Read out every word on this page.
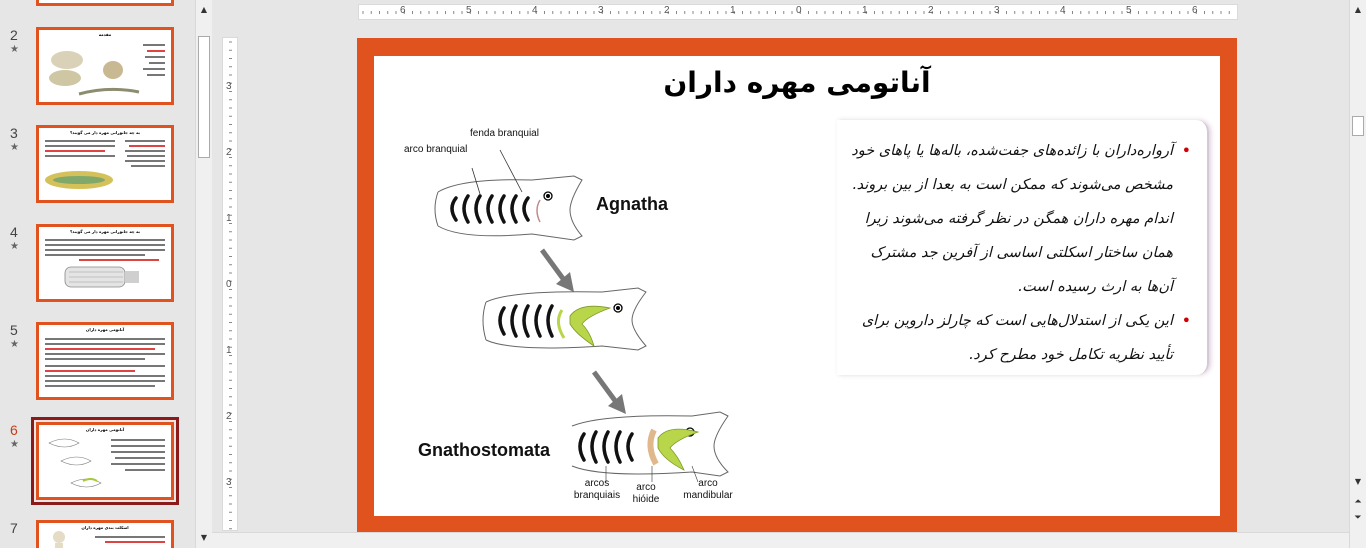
2
★
مقدمه
3
★
به چه جانورانی مهره دار می گویند؟
4
★
به چه جانورانی مهره دار می گویند؟
5
★
آناتومی مهره داران
6
★
آناتومی مهره داران
7	اسکلت بندی مهره داران
▲
▼
6	5	4	3	2	1	0	1	2	3	4	5	6
3
2
1
0
1
2
3
آناتومی مهره داران
• آرواره‌داران با زائده‌های جفت‌شده، باله‌ها یا پاهای خود مشخص می‌شوند که ممکن است به بعدا از بین بروند. اندام مهره داران همگن در نظر گرفته می‌شوند زیرا همان ساختار اسکلتی اساسی از آفرین جد مشترک آن‌ها به ارث رسیده است.
• این یکی از استدلال‌هایی است که چارلز داروین برای تأیید نظریه تکامل خود مطرح کرد.
fenda branquial
arco branquial
Agnatha
Gnathostomata
arcos branquiais
arco hióide
arco mandibular
▲
▼
⏶
⏷
